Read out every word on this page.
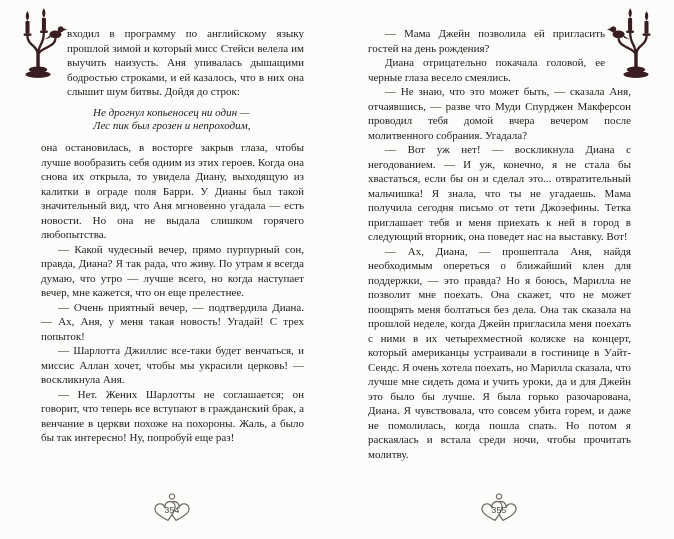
входил в программу по английскому языку прошлой зимой и который мисс Стейси велела им выучить наизусть. Аня упивалась дышащими бодростью строками, и ей казалось, что в них она слышит шум битвы. Дойдя до строк:

Не дрогнул копьеносец ни один —
Лес пик был грозен и непроходим,

она остановилась, в восторге закрыв глаза, чтобы лучше вообразить себя одним из этих героев. Когда она снова их открыла, то увидела Диану, выходящую из калитки в ограде поля Барри. У Дианы был такой значительный вид, что Аня мгновенно угадала — есть новости. Но она не выдала слишком горячего любопытства.

— Какой чудесный вечер, прямо пурпурный сон, правда, Диана? Я так рада, что живу. По утрам я всегда думаю, что утро — лучше всего, но когда наступает вечер, мне кажется, что он еще прелестнее.

— Очень приятный вечер, — подтвердила Диана. — Ах, Аня, у меня такая новость! Угадай! С трех попыток!

— Шарлотта Джиллис все-таки будет венчаться, и миссис Аллан хочет, чтобы мы украсили церковь! — воскликнула Аня.

— Нет. Жених Шарлотты не соглашается; он говорит, что теперь все вступают в гражданский брак, а венчание в церкви похоже на похороны. Жаль, а было бы так интересно! Ну, попробуй еще раз!

— Мама Джейн позволила ей пригласить гостей на день рождения?

Диана отрицательно покачала головой, ее черные глаза весело смеялись.

— Не знаю, что это может быть, — сказала Аня, отчаявшись, — разве что Муди Спурджен Макферсон проводил тебя домой вчера вечером после молитвенного собрания. Угадала?

— Вот уж нет! — воскликнула Диана с негодованием. — И уж, конечно, я не стала бы хвастаться, если бы он и сделал это... отвратительный мальчишка! Я знала, что ты не угадаешь. Мама получила сегодня письмо от тети Джозефины. Тетка приглашает тебя и меня приехать к ней в город в следующий вторник, она поведет нас на выставку. Вот!

— Ах, Диана, — прошептала Аня, найдя необходимым опереться о ближайший клен для поддержки, — это правда? Но я боюсь, Марилла не позволит мне поехать. Она скажет, что не может поощрять меня болтаться без дела. Она так сказала на прошлой неделе, когда Джейн пригласила меня поехать с ними в их четырехместной коляске на концерт, который американцы устраивали в гостинице в Уайт-Сендс. Я очень хотела поехать, но Марилла сказала, что лучше мне сидеть дома и учить уроки, да и для Джейн это было бы лучше. Я была горько разочарована, Диана. Я чувствовала, что совсем убита горем, и даже не помолилась, когда пошла спать. Но потом я раскаялась и встала среди ночи, чтобы прочитать молитву.

354	355
